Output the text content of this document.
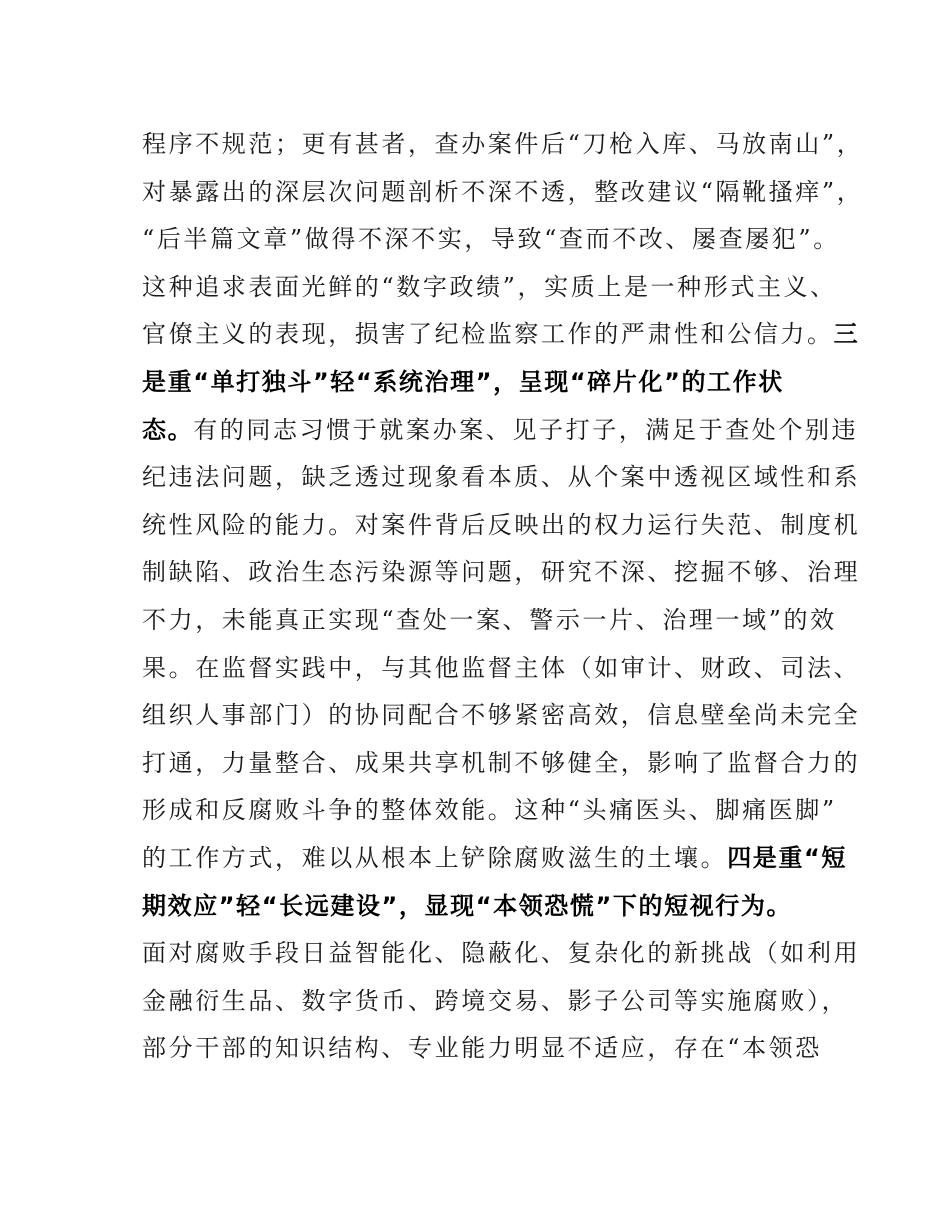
程序不规范；更有甚者，查办案件后“刀枪入库、马放南山”，
对暴露出的深层次问题剖析不深不透，整改建议“隔靴搔痒”，
“后半篇文章”做得不深不实，导致“查而不改、屡查屡犯”。
这种追求表面光鲜的“数字政绩”，实质上是一种形式主义、
官僚主义的表现，损害了纪检监察工作的严肃性和公信力。三
是重“单打独斗”轻“系统治理”，呈现“碎片化”的工作状
态。有的同志习惯于就案办案、见子打子，满足于查处个别违
纪违法问题，缺乏透过现象看本质、从个案中透视区域性和系
统性风险的能力。对案件背后反映出的权力运行失范、制度机
制缺陷、政治生态污染源等问题，研究不深、挖掘不够、治理
不力，未能真正实现“查处一案、警示一片、治理一域”的效
果。在监督实践中，与其他监督主体（如审计、财政、司法、
组织人事部门）的协同配合不够紧密高效，信息壁垒尚未完全
打通，力量整合、成果共享机制不够健全，影响了监督合力的
形成和反腐败斗争的整体效能。这种“头痛医头、脚痛医脚”
的工作方式，难以从根本上铲除腐败滋生的土壤。四是重“短
期效应”轻“长远建设”，显现“本领恐慌”下的短视行为。
面对腐败手段日益智能化、隐蔽化、复杂化的新挑战（如利用
金融衍生品、数字货币、跨境交易、影子公司等实施腐败），
部分干部的知识结构、专业能力明显不适应，存在“本领恐
